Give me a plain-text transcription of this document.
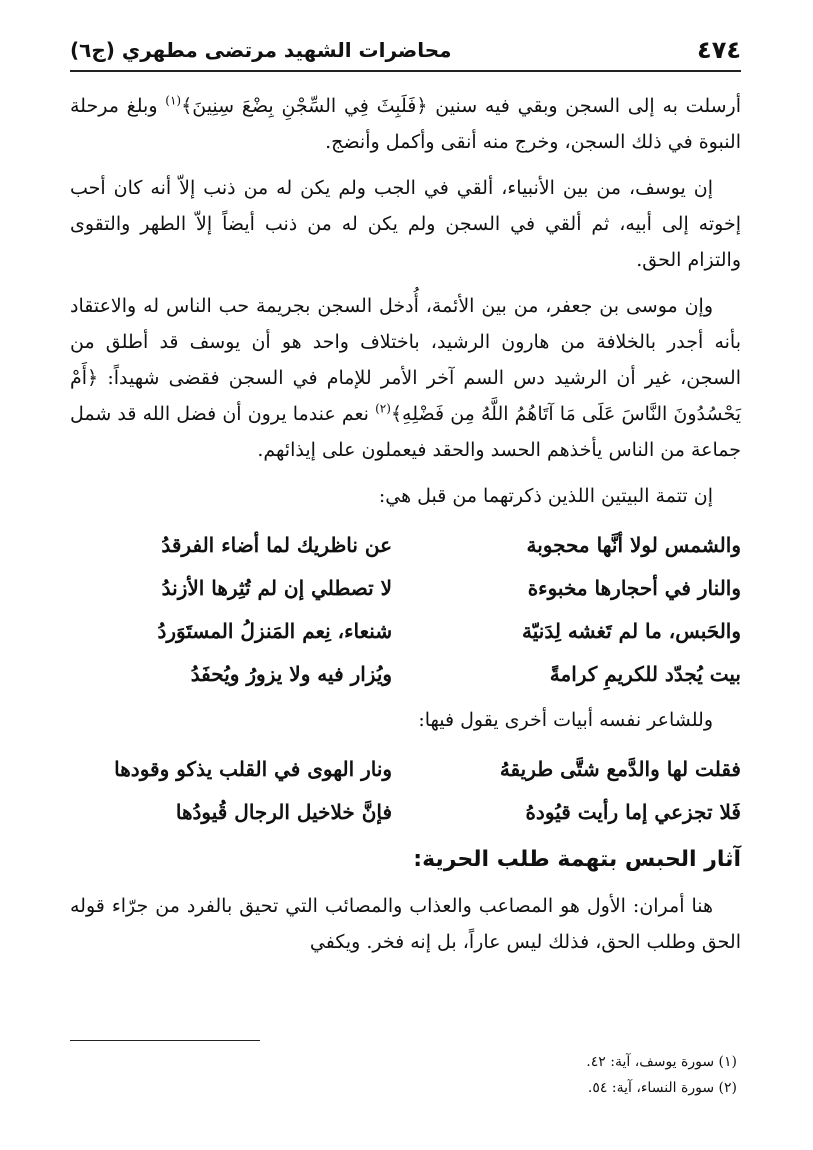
٤٧٤
محاضرات الشهيد مرتضى مطهري (ج٦)

أرسلت به إلى السجن وبقي فيه سنين ﴿فَلَبِثَ فِي السِّجْنِ بِضْعَ سِنِينَ﴾$^{(١)}$ وبلغ مرحلة النبوة في ذلك السجن، وخرج منه أنقى وأكمل وأنضج.

إن يوسف، من بين الأنبياء، ألقي في الجب ولم يكن له من ذنب إلاّ أنه كان أحب إخوته إلى أبيه، ثم ألقي في السجن ولم يكن له من ذنب أيضاً إلاّ الطهر والتقوى والتزام الحق.

وإن موسى بن جعفر، من بين الأئمة، أُدخل السجن بجريمة حب الناس له والاعتقاد بأنه أجدر بالخلافة من هارون الرشيد، باختلاف واحد هو أن يوسف قد أطلق من السجن، غير أن الرشيد دس السم آخر الأمر للإمام في السجن فقضى شهيداً: ﴿أَمْ يَحْسُدُونَ النَّاسَ عَلَى مَا آتَاهُمُ اللَّهُ مِن فَضْلِهِ﴾$^{(٢)}$ نعم عندما يرون أن فضل الله قد شمل جماعة من الناس يأخذهم الحسد والحقد فيعملون على إيذائهم.

إن تتمة البيتين اللذين ذكرتهما من قبل هي:

والشمس لولا أنَّها محجوبة
عن ناظريك لما أضاء الفرقدُ
والنار في أحجارها مخبوءة
لا تصطلي إن لم تُثِرها الأزندُ
والحَبس، ما لم تَغشه لِدَنيّة
شنعاء، نِعم المَنزلُ المستَوَردُ
بيت يُجدّد للكريمِ كرامةً
ويُزار فيه ولا يزورُ ويُحفَدُ

وللشاعر نفسه أبيات أخرى يقول فيها:

فقلت لها والدَّمع شتَّى طريقهُ
ونار الهوى في القلب يذكو وقودها
فَلا تجزعي إما رأيت قيُودهُ
فإنَّ خلاخيل الرجال قُيودُها
آثار الحبس بتهمة طلب الحرية:

هنا أمران: الأول هو المصاعب والعذاب والمصائب التي تحيق بالفرد من جرّاء قوله الحق وطلب الحق، فذلك ليس عاراً، بل إنه فخر. ويكفي

(١) سورة يوسف، آية: ٤٢.
(٢) سورة النساء، آية: ٥٤.
